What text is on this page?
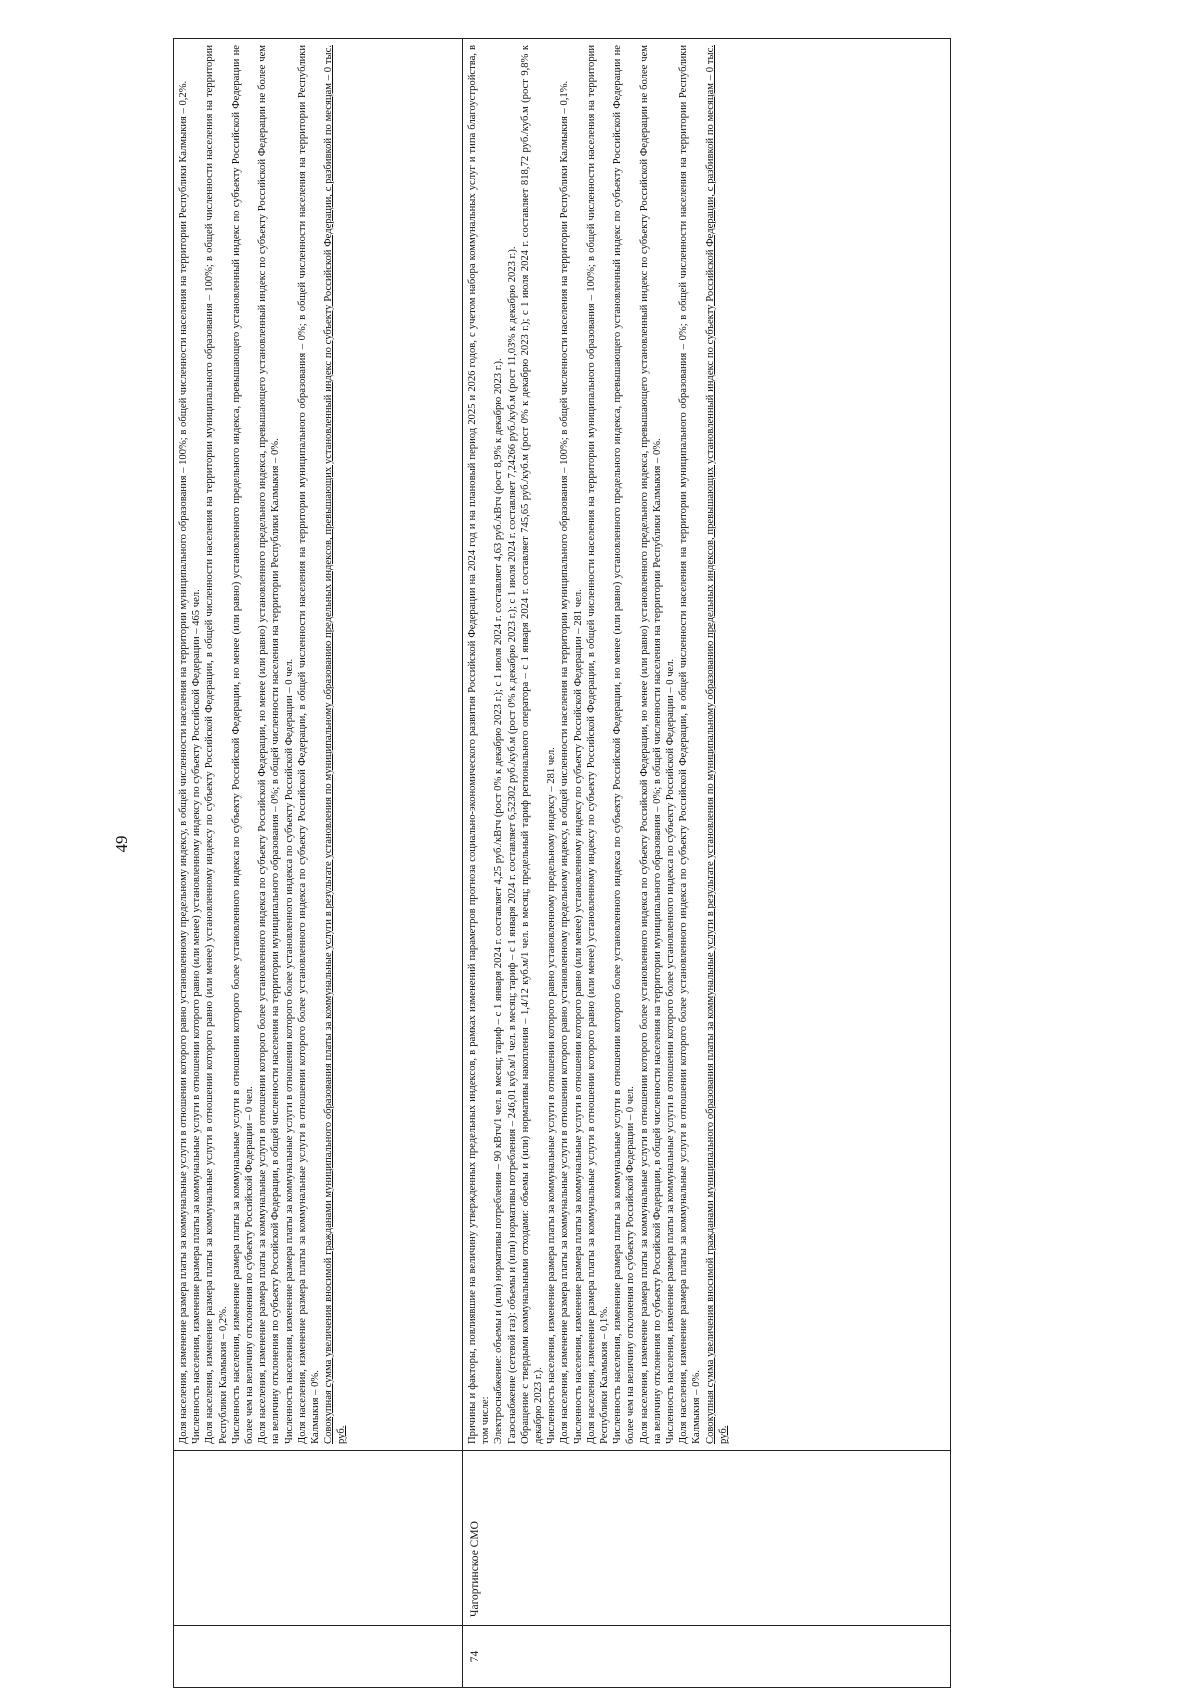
49	Доля населения, изменение размера платы за коммунальные услуги в отношении которого равно установленному предельному индексу, в общей численности населения на территории муниципального образования – 100%; в общей численности населения на территории Республики Калмыкия – 0,2%. Численность населения, изменение размера платы за коммунальные услуги в отношении которого равно (или менее) установленному индексу по субъекту Российской Федерации – 465 чел. Доля населения, изменение размера платы за коммунальные услуги в отношении которого равно (или менее) установленному индексу по субъекту Российской Федерации, в общей численности населения на территории муниципального образования – 100%; в общей численности населения на территории Республики Калмыкия – 0,2%. Численность населения, изменение размера платы за коммунальные услуги в отношении которого более установленного индекса по субъекту Российской Федерации, но менее (или равно) установленного предельного индекса, превышающего установленный индекс по субъекту Российской Федерации не более чем на величину отклонения по субъекту Российской Федерации – 0 чел. Доля населения, изменение размера платы за коммунальные услуги в отношении которого более установленного индекса по субъекту Российской Федерации, но менее (или равно) установленного предельного индекса, превышающего установленный индекс по субъекту Российской Федерации не более чем на величину отклонения по субъекту Российской Федерации, в общей численности населения на территории муниципального образования – 0%; в общей численности населения на территории Республики Калмыкия – 0%. Численность населения, изменение размера платы за коммунальные услуги в отношении которого более установленного индекса по субъекту Российской Федерации – 0 чел. Доля населения, изменение размера платы за коммунальные услуги в отношении которого более установленного индекса по субъекту Российской Федерации, в общей численности населения на территории муниципального образования – 0%; в общей численности населения на территории Республики Калмыкия – 0%. Совокупная сумма увеличения вносимой гражданами муниципального образования платы за коммунальные услуги в результате установления по муниципальному образованию предельных индексов, превышающих установленный индекс по субъекту Российской Федерации, с разбивкой по месяцам – 0 тыс. руб.

74
Чагортинское СМО

Причины и факторы, повлиявшие на величину утвержденных предельных индексов, в рамках изменений параметров прогноза социально-экономического развития Российской Федерации на 2024 год и на плановый период 2025 и 2026 годов, с учетом набора коммунальных услуг и типа благоустройства, в том числе: Электроснабжение: объемы и (или) нормативы потребления – 90 кВтч/1 чел. в месяц; тариф – с 1 января 2024 г. составляет 4,25 руб./кВтч (рост 0% к декабрю 2023 г.); с 1 июля 2024 г. составляет 4,63 руб./кВтч (рост 8,9% к декабрю 2023 г.). Газоснабжение (сетевой газ): объемы и (или) нормативы потребления – 246,01 куб.м/1 чел. в месяц; тариф – с 1 января 2024 г. составляет 6,52302 руб./куб.м (рост 0% к декабрю 2023 г.); с 1 июля 2024 г. составляет 7,24266 руб./куб.м (рост 11,03% к декабрю 2023 г.). Обращение с твердыми коммунальными отходами: объемы и (или) нормативы накопления – 1,4/12 куб.м/1 чел. в месяц; предельный тариф регионального оператора – с 1 января 2024 г. составляет 745,65 руб./куб.м (рост 0% к декабрю 2023 г.); с 1 июля 2024 г. составляет 818,72 руб./куб.м (рост 9,8% к декабрю 2023 г.). Численность населения, изменение размера платы за коммунальные услуги в отношении которого равно установленному предельному индексу – 281 чел. Доля населения, изменение размера платы за коммунальные услуги в отношении которого равно установленному предельному индексу, в общей численности населения на территории муниципального образования – 100%; в общей численности населения на территории Республики Калмыкия – 0,1%. Численность населения, изменение размера платы за коммунальные услуги в отношении которого равно (или менее) установленному индексу по субъекту Российской Федерации – 281 чел. Доля населения, изменение размера платы за коммунальные услуги в отношении которого равно (или менее) установленному индексу по субъекту Российской Федерации, в общей численности населения на территории муниципального образования – 100%; в общей численности населения на территории Республики Калмыкия – 0,1%. Численность населения, изменение размера платы за коммунальные услуги в отношении которого более установленного индекса по субъекту Российской Федерации, но менее (или равно) установленного предельного индекса, превышающего установленный индекс по субъекту Российской Федерации не более чем на величину отклонения по субъекту Российской Федерации – 0 чел. Доля населения, изменение размера платы за коммунальные услуги в отношении которого более установленного индекса по субъекту Российской Федерации, но менее (или равно) установленного предельного индекса, превышающего установленный индекс по субъекту Российской Федерации не более чем на величину отклонения по субъекту Российской Федерации, в общей численности населения на территории муниципального образования – 0%; в общей численности населения на территории Республики Калмыкия – 0%. Численность населения, изменение размера платы за коммунальные услуги в отношении которого более установленного индекса по субъекту Российской Федерации – 0 чел. Доля населения, изменение размера платы за коммунальные услуги в отношении которого более установленного индекса по субъекту Российской Федерации, в общей численности населения на территории муниципального образования – 0%; в общей численности населения на территории Республики Калмыкия – 0%. Совокупная сумма увеличения вносимой гражданами муниципального образования платы за коммунальные услуги в результате установления по муниципальному образованию предельных индексов, превышающих установленный индекс по субъекту Российской Федерации, с разбивкой по месяцам – 0 тыс. руб.
